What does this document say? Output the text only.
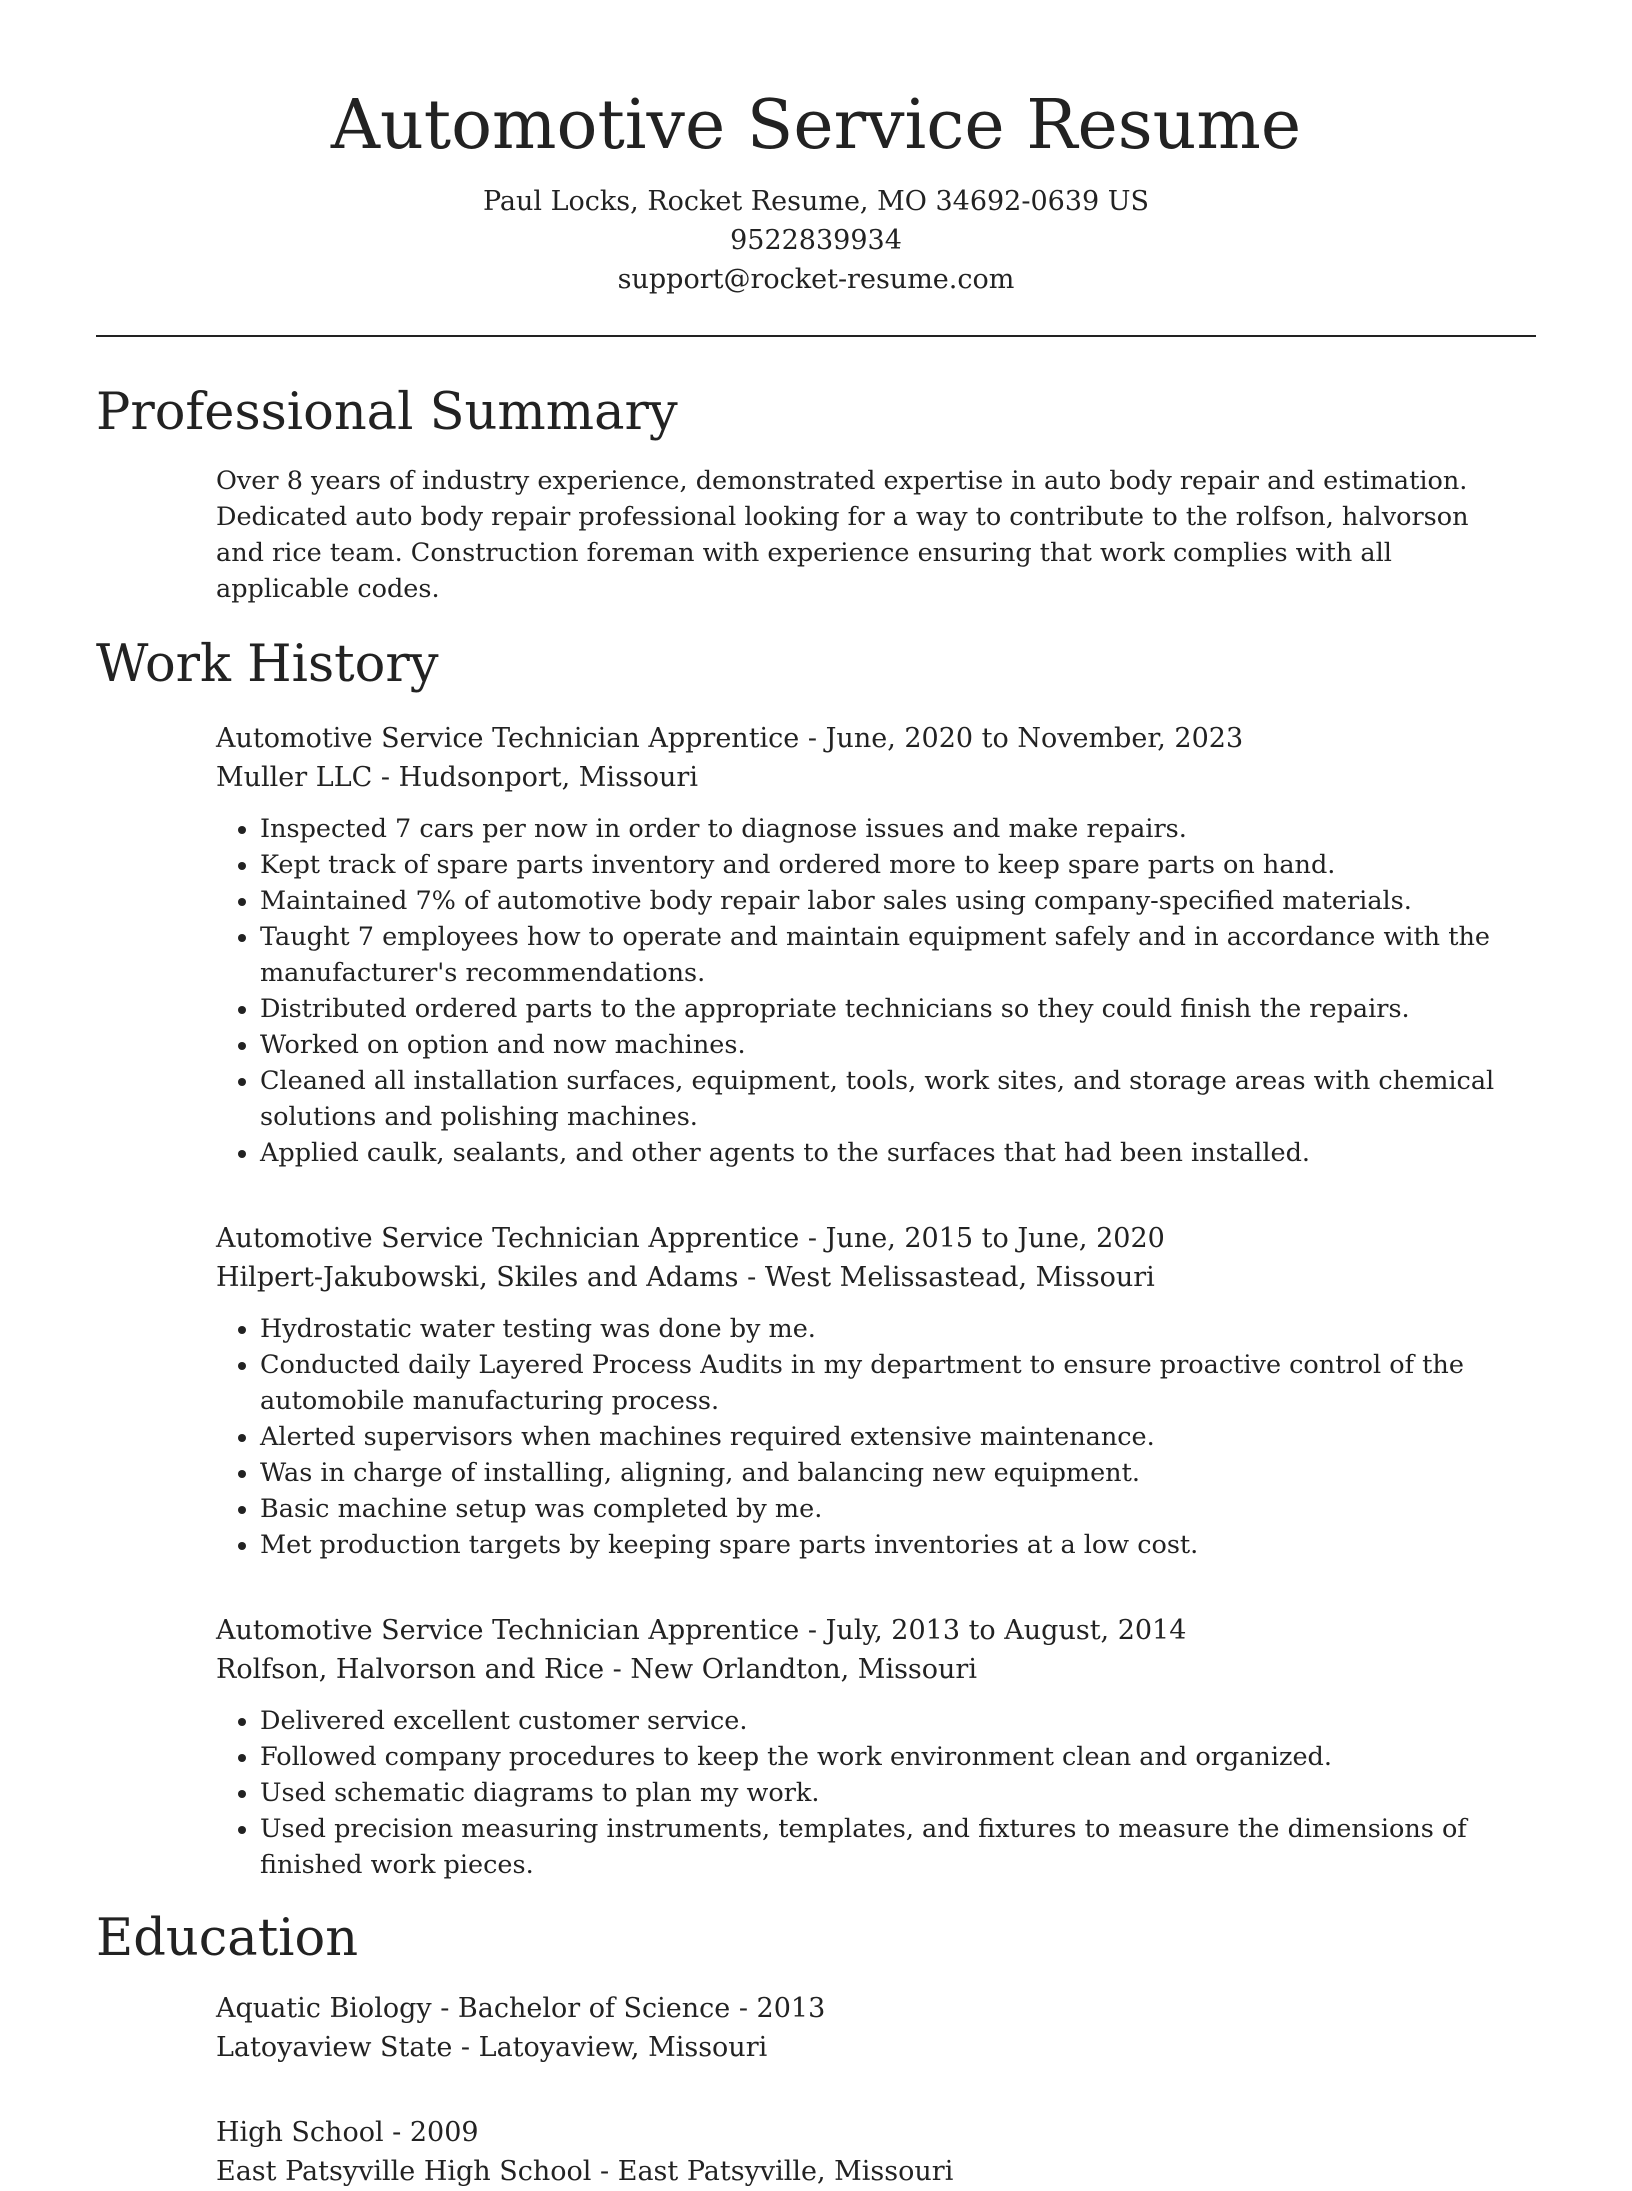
Automotive Service Resume
Paul Locks, Rocket Resume, MO 34692-0639 US
9522839934
support@rocket-resume.com
Professional Summary

Over 8 years of industry experience, demonstrated expertise in auto body repair and estimation. Dedicated auto body repair professional looking for a way to contribute to the rolfson, halvorson and rice team. Construction foreman with experience ensuring that work complies with all applicable codes.

Work History
Automotive Service Technician Apprentice - June, 2020 to November, 2023
Muller LLC - Hudsonport, Missouri
• Inspected 7 cars per now in order to diagnose issues and make repairs.
• Kept track of spare parts inventory and ordered more to keep spare parts on hand.
• Maintained 7% of automotive body repair labor sales using company-specified materials.
• Taught 7 employees how to operate and maintain equipment safely and in accordance with the manufacturer's recommendations.
• Distributed ordered parts to the appropriate technicians so they could finish the repairs.
• Worked on option and now machines.
• Cleaned all installation surfaces, equipment, tools, work sites, and storage areas with chemical solutions and polishing machines.
• Applied caulk, sealants, and other agents to the surfaces that had been installed.
Automotive Service Technician Apprentice - June, 2015 to June, 2020
Hilpert-Jakubowski, Skiles and Adams - West Melissastead, Missouri
• Hydrostatic water testing was done by me.
• Conducted daily Layered Process Audits in my department to ensure proactive control of the automobile manufacturing process.
• Alerted supervisors when machines required extensive maintenance.
• Was in charge of installing, aligning, and balancing new equipment.
• Basic machine setup was completed by me.
• Met production targets by keeping spare parts inventories at a low cost.
Automotive Service Technician Apprentice - July, 2013 to August, 2014
Rolfson, Halvorson and Rice - New Orlandton, Missouri
• Delivered excellent customer service.
• Followed company procedures to keep the work environment clean and organized.
• Used schematic diagrams to plan my work.
• Used precision measuring instruments, templates, and fixtures to measure the dimensions of finished work pieces.
Education
Aquatic Biology - Bachelor of Science - 2013
Latoyaview State - Latoyaview, Missouri
High School - 2009
East Patsyville High School - East Patsyville, Missouri
